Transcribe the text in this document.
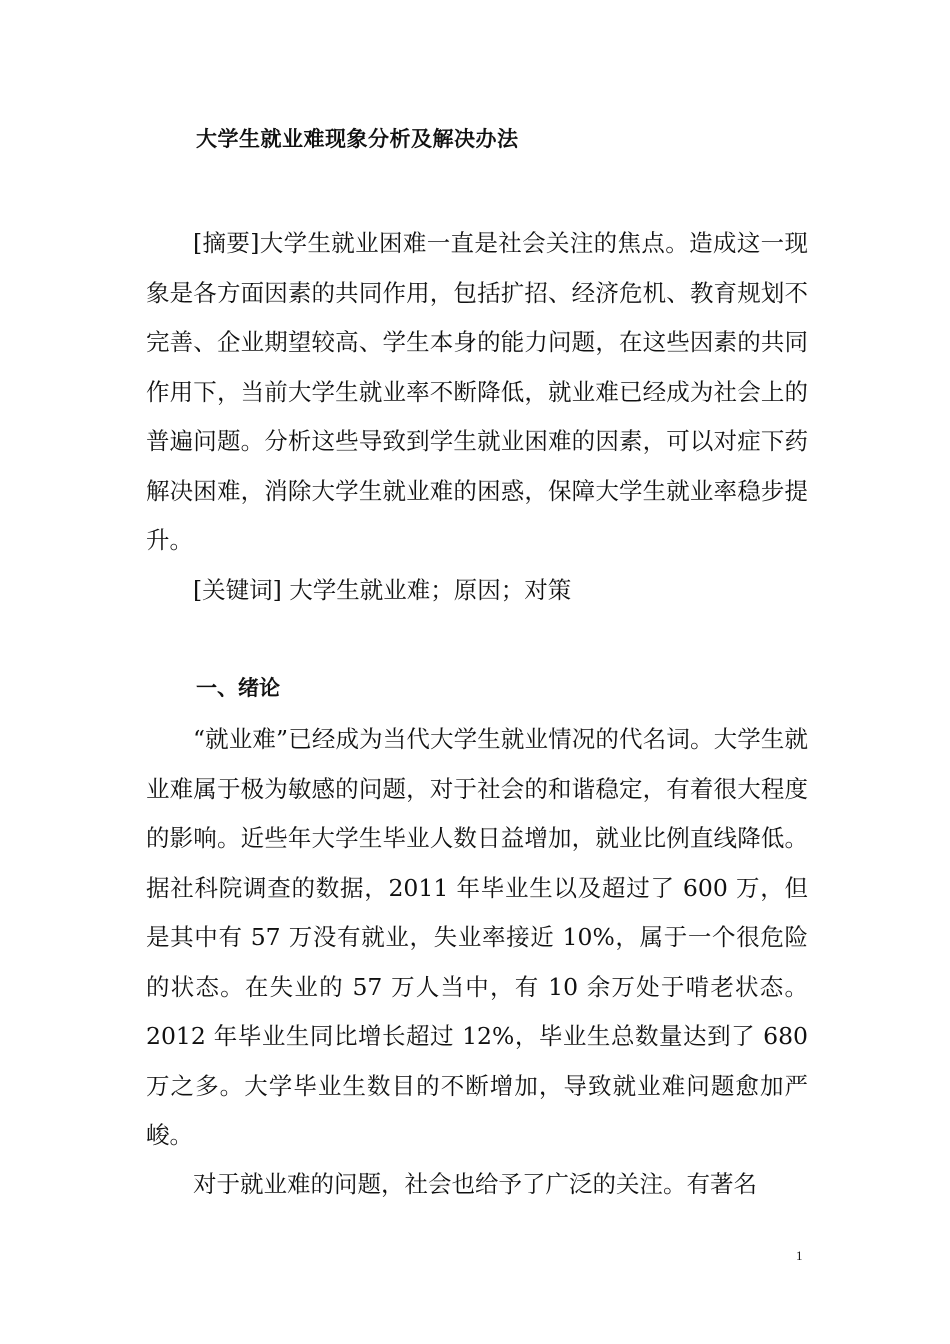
大学生就业难现象分析及解决办法
[摘要]大学生就业困难一直是社会关注的焦点。造成这一现象是各方面因素的共同作用，包括扩招、经济危机、教育规划不完善、企业期望较高、学生本身的能力问题，在这些因素的共同作用下，当前大学生就业率不断降低，就业难已经成为社会上的普遍问题。分析这些导致到学生就业困难的因素，可以对症下药解决困难，消除大学生就业难的困惑，保障大学生就业率稳步提升。
[关键词] 大学生就业难；原因；对策
一、绪论
“就业难”已经成为当代大学生就业情况的代名词。大学生就业难属于极为敏感的问题，对于社会的和谐稳定，有着很大程度的影响。近些年大学生毕业人数日益增加，就业比例直线降低。据社科院调查的数据，2011 年毕业生以及超过了 600 万，但是其中有 57 万没有就业，失业率接近 10%，属于一个很危险的状态。在失业的 57 万人当中，有 10 余万处于啃老状态。2012 年毕业生同比增长超过 12%，毕业生总数量达到了 680 万之多。大学毕业生数目的不断增加，导致就业难问题愈加严峻。
对于就业难的问题，社会也给予了广泛的关注。有著名
1
